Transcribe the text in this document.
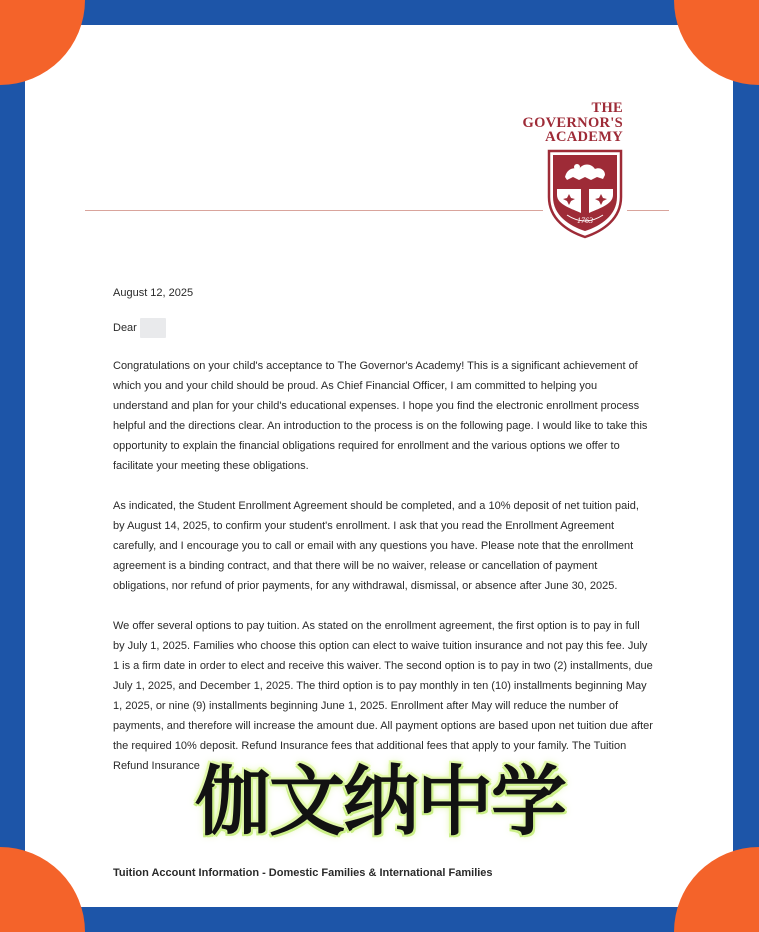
THE
GOVERNOR'S
ACADEMY
1763

August 12, 2025

Dear

Congratulations on your child's acceptance to The Governor's Academy! This is a significant achievement of which you and your child should be proud. As Chief Financial Officer, I am committed to helping you understand and plan for your child's educational expenses. I hope you find the electronic enrollment process helpful and the directions clear. An introduction to the process is on the following page. I would like to take this opportunity to explain the financial obligations required for enrollment and the various options we offer to facilitate your meeting these obligations.

As indicated, the Student Enrollment Agreement should be completed, and a 10% deposit of net tuition paid, by August 14, 2025, to confirm your student's enrollment. I ask that you read the Enrollment Agreement carefully, and I encourage you to call or email with any questions you have. Please note that the enrollment agreement is a binding contract, and that there will be no waiver, release or cancellation of payment obligations, nor refund of prior payments, for any withdrawal, dismissal, or absence after June 30, 2025.

We offer several options to pay tuition. As stated on the enrollment agreement, the first option is to pay in full by July 1, 2025. Families who choose this option can elect to waive tuition insurance and not pay this fee. July 1 is a firm date in order to elect and receive this waiver. The second option is to pay in two (2) installments, due July 1, 2025, and December 1, 2025. The third option is to pay monthly in ten (10) installments beginning May 1, 2025, or nine (9) installments beginning June 1, 2025. Enrollment after May will reduce the number of payments, and therefore will increase the amount due. All payment options are based upon net tuition due after the required 10% deposit. Refund Insurance fees that additional fees that apply to your family. The Tuition Refund Insurance

Tuition Account Information - Domestic Families & International Families

伽文纳中学
